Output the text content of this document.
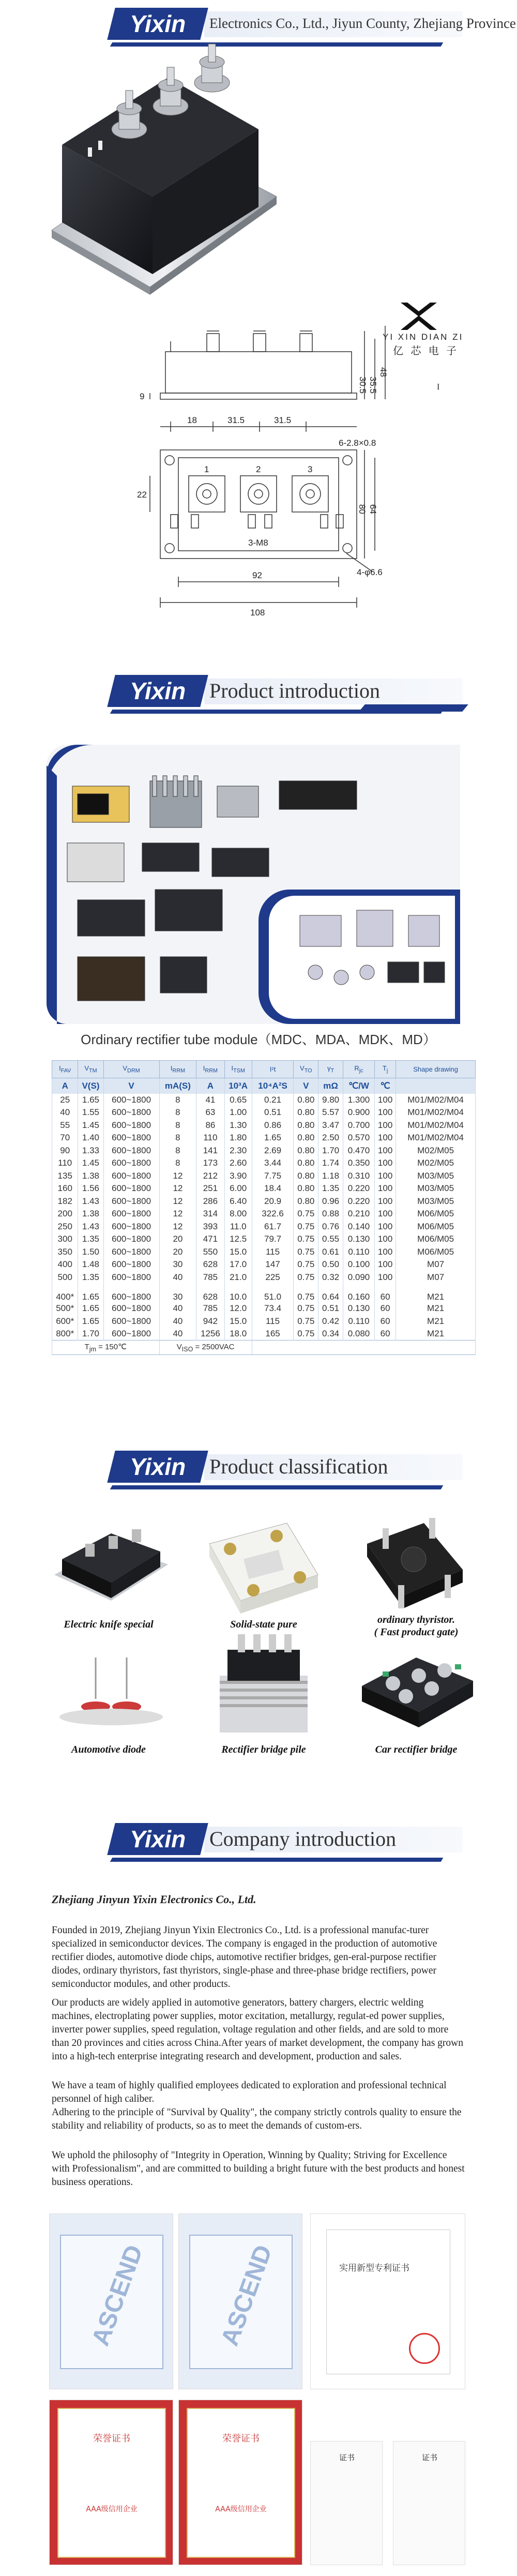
Yixin	Electronics Co., Ltd., Jiyun County, Zhejiang Province
YI XIN DIAN ZI
亿 芯 电 子
I
18	31.5	31.5
30.5 35.5
48
9
6-2.8×0.8
22
3-M8
80 64
4-φ6.6
92
108
1	2	3
Yixin	Product introduction
Ordinary rectifier tube module（MDC、MDA、MDK、MD）
$I_{FAV}$	$V_{TM}$	$V_{DRM}$	$I_{RRM}$	$I_{RRM}$	$I_{TSM}$	I²t	$V_{TO}$	$\gamma_T$	$R_{jc}$	$T_j$	Shape drawing
A	V(S)	V	mA(S)	A	10³A	10⁴A²S	V	mΩ	℃/W	℃	
25	1.65	600~1800	8	41	0.65	0.21	0.80	9.80	1.300	100	M01/M02/M04
40	1.55	600~1800	8	63	1.00	0.51	0.80	5.57	0.900	100	M01/M02/M04
55	1.45	600~1800	8	86	1.30	0.86	0.80	3.47	0.700	100	M01/M02/M04
70	1.40	600~1800	8	110	1.80	1.65	0.80	2.50	0.570	100	M01/M02/M04
90	1.33	600~1800	8	141	2.30	2.69	0.80	1.70	0.470	100	M02/M05
110	1.45	600~1800	8	173	2.60	3.44	0.80	1.74	0.350	100	M02/M05
135	1.38	600~1800	12	212	3.90	7.75	0.80	1.18	0.310	100	M03/M05
160	1.56	600~1800	12	251	6.00	18.4	0.80	1.35	0.220	100	M03/M05
182	1.43	600~1800	12	286	6.40	20.9	0.80	0.96	0.220	100	M03/M05
200	1.38	600~1800	12	314	8.00	322.6	0.75	0.88	0.210	100	M06/M05
250	1.43	600~1800	12	393	11.0	61.7	0.75	0.76	0.140	100	M06/M05
300	1.35	600~1800	20	471	12.5	79.7	0.75	0.55	0.130	100	M06/M05
350	1.50	600~1800	20	550	15.0	115	0.75	0.61	0.110	100	M06/M05
400	1.48	600~1800	30	628	17.0	147	0.75	0.50	0.100	100	M07
500	1.35	600~1800	40	785	21.0	225	0.75	0.32	0.090	100	M07
400*	1.65	600~1800	30	628	10.0	51.0	0.75	0.64	0.160	60	M21
500*	1.65	600~1800	40	785	12.0	73.4	0.75	0.51	0.130	60	M21
600*	1.65	600~1800	40	942	15.0	115	0.75	0.42	0.110	60	M21
800*	1.70	600~1800	40	1256	18.0	165	0.75	0.34	0.080	60	M21
$T_{jm}$ = 150℃			$V_{ISO} = 2500VAC$								
Yixin	Product classification
Electric knife special	Solid-state pure	ordinary thyristor.
( Fast product gate)
Automotive diode	Rectifier bridge pile	Car rectifier bridge
Yixin	Company introduction
Zhejiang Jinyun Yixin Electronics Co., Ltd.

Founded in 2019, Zhejiang Jinyun Yixin Electronics Co., Ltd. is a professional manufac-turer specialized in semiconductor devices. The company is engaged in the production of automotive rectifier diodes, automotive diode chips, automotive rectifier bridges, gen-eral-purpose rectifier diodes, ordinary thyristors, fast thyristors, single-phase and three-phase bridge rectifiers, power semiconductor modules, and other products.

Our products are widely applied in automotive generators, battery chargers, electric welding machines, electroplating power supplies, motor excitation, metallurgy, regulat-ed power supplies, inverter power supplies, speed regulation, voltage regulation and other fields, and are sold to more than 20 provinces and cities across China.After years of market development, the company has grown into a high-tech enterprise integrating research and development, production and sales.

We have a team of highly qualified employees dedicated to exploration and professional technical personnel of high caliber.

Adhering to the principle of "Survival by Quality", the company strictly controls quality to ensure the stability and reliability of products, so as to meet the demands of custom-ers.

We uphold the philosophy of "Integrity in Operation, Winning by Quality; Striving for Excellence with Professionalism", and are committed to building a bright future with the best products and honest business operations.

ASCEND	ASCEND	实用新型专利证书
荣誉证书
AAA级信用企业
荣誉证书
AAA级信用企业
证书	证书
